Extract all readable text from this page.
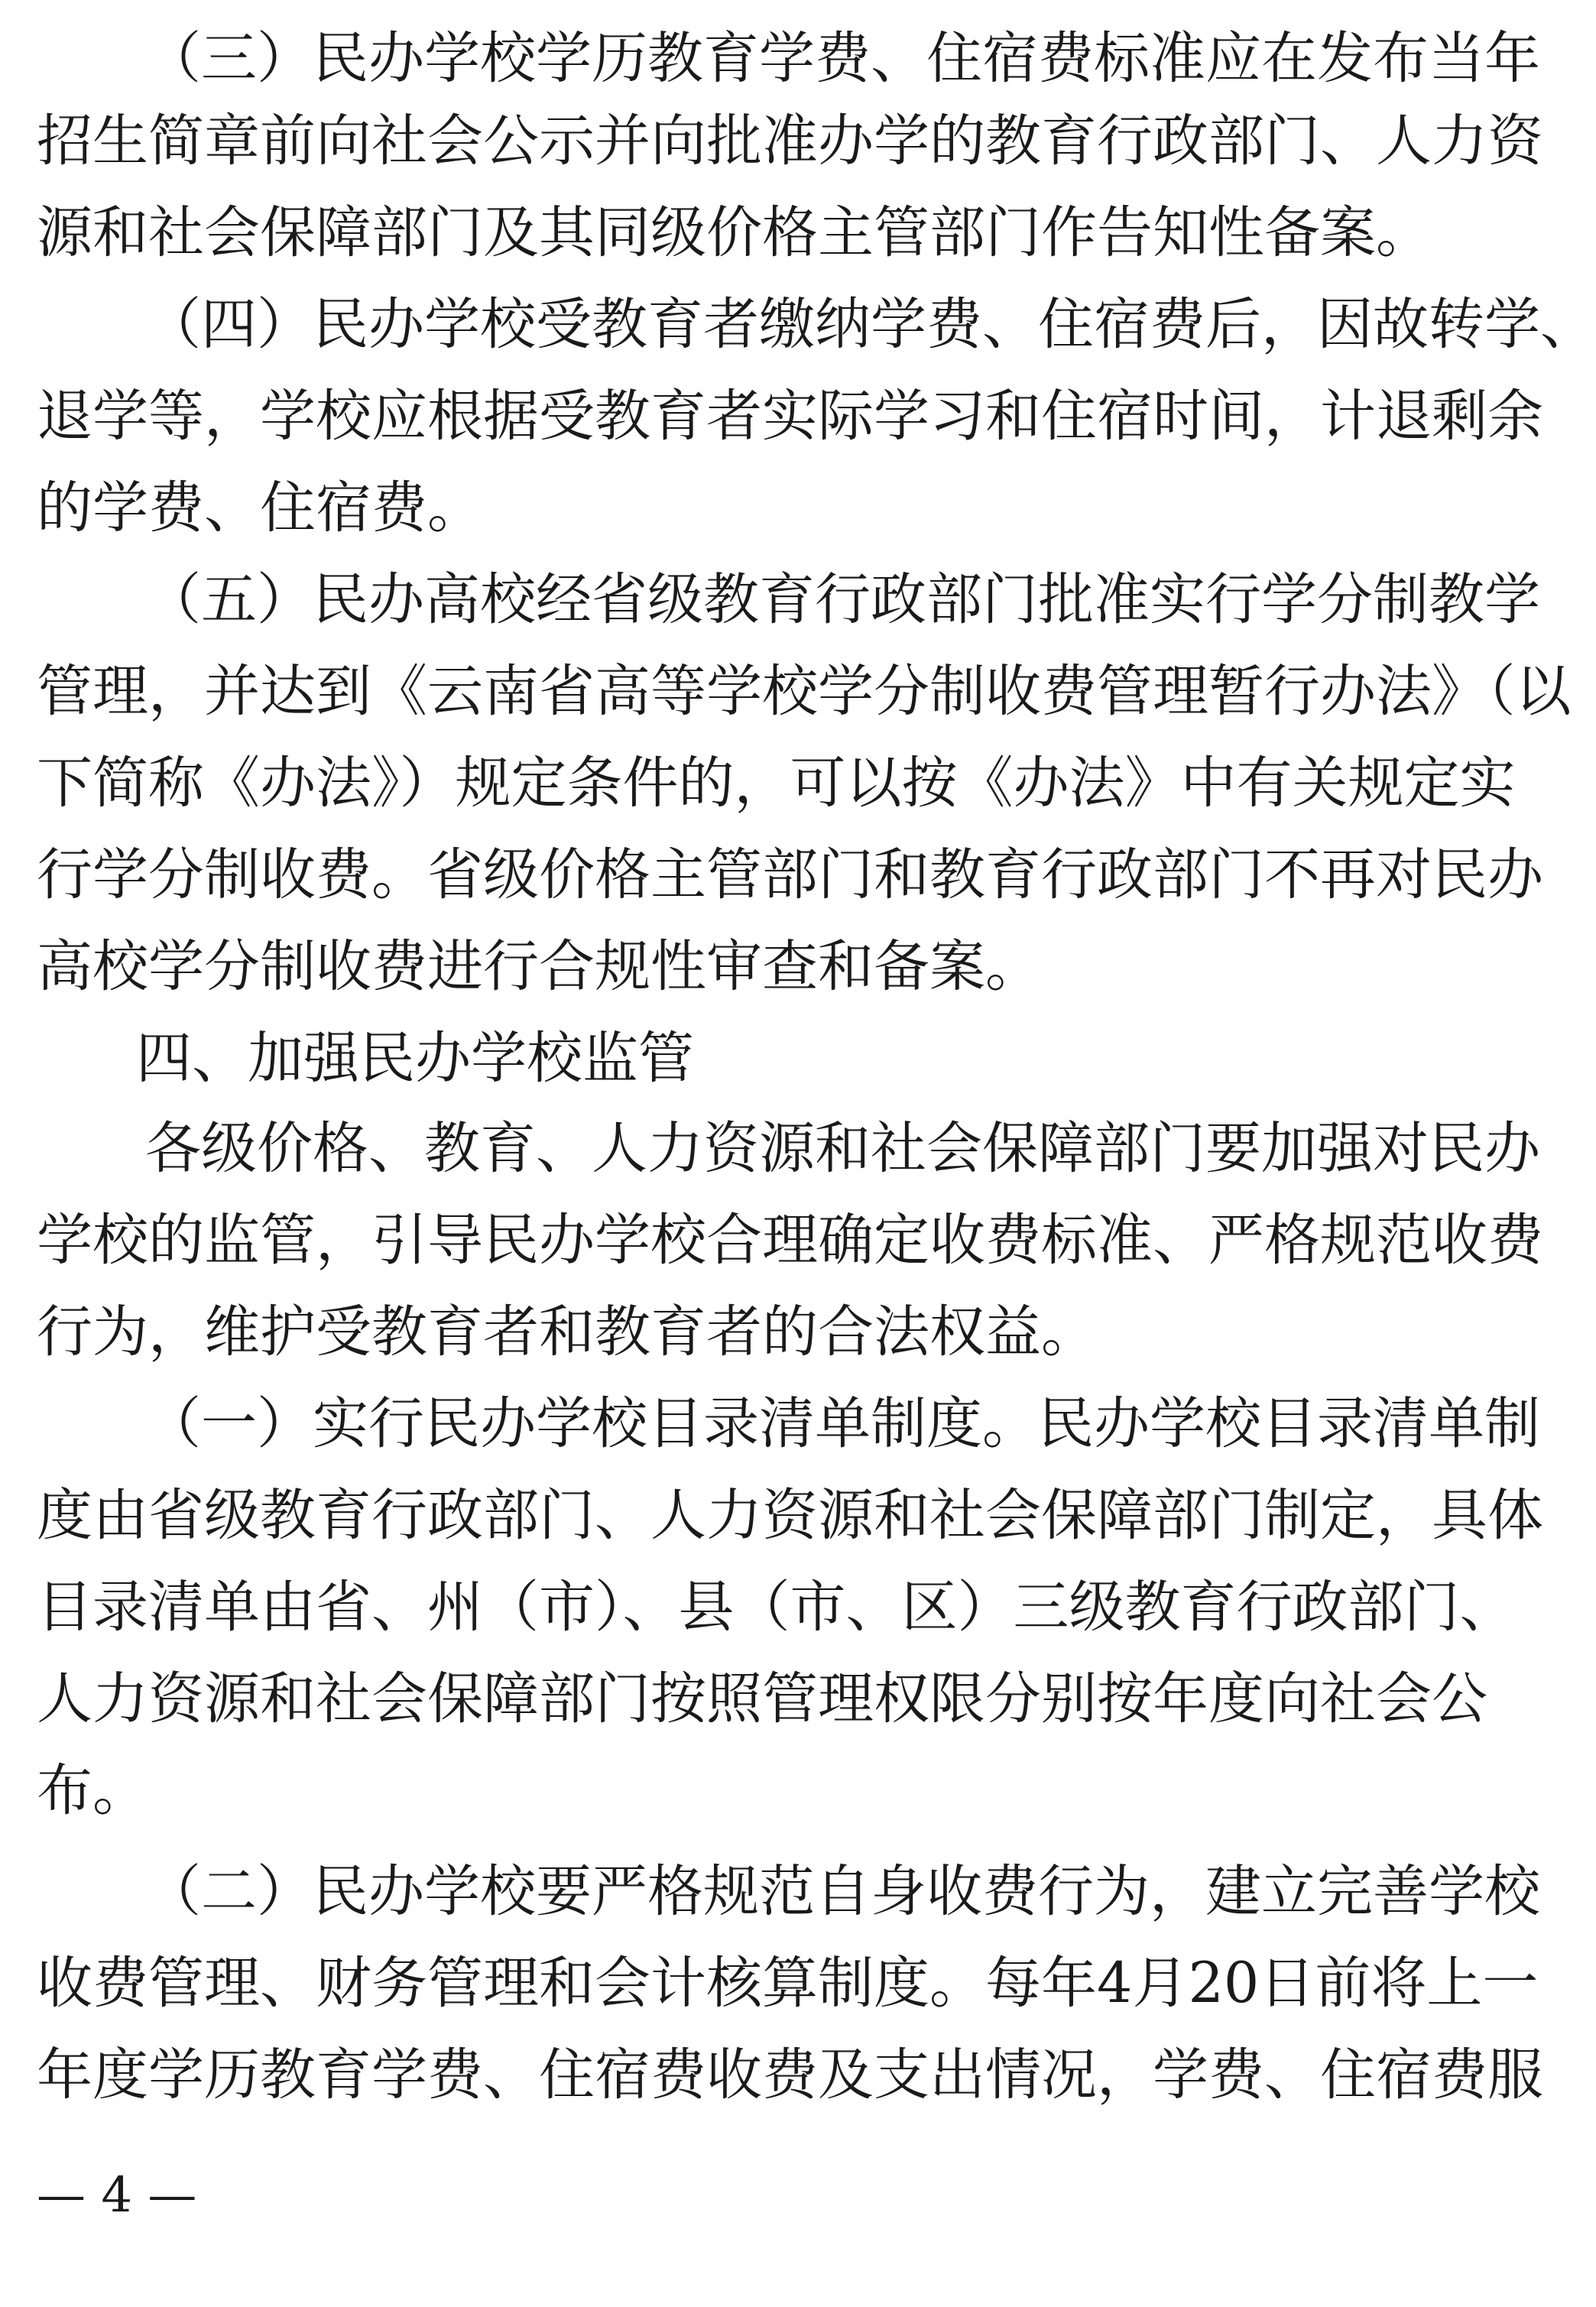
（三）民办学校学历教育学费、住宿费标准应在发布当年
招生简章前向社会公示并向批准办学的教育行政部门、人力资
源和社会保障部门及其同级价格主管部门作告知性备案。
（四）民办学校受教育者缴纳学费、住宿费后，因故转学、
退学等，学校应根据受教育者实际学习和住宿时间，计退剩余
的学费、住宿费。
（五）民办高校经省级教育行政部门批准实行学分制教学
管理，并达到《云南省高等学校学分制收费管理暂行办法》（以
下简称《办法》）规定条件的，可以按《办法》中有关规定实
行学分制收费。省级价格主管部门和教育行政部门不再对民办
高校学分制收费进行合规性审查和备案。
四、加强民办学校监管
各级价格、教育、人力资源和社会保障部门要加强对民办
学校的监管，引导民办学校合理确定收费标准、严格规范收费
行为，维护受教育者和教育者的合法权益。
（一）实行民办学校目录清单制度。民办学校目录清单制
度由省级教育行政部门、人力资源和社会保障部门制定，具体
目录清单由省、州（市）、县（市、区）三级教育行政部门、
人力资源和社会保障部门按照管理权限分别按年度向社会公
布。
（二）民办学校要严格规范自身收费行为，建立完善学校
收费管理、财务管理和会计核算制度。每年4月20日前将上一
年度学历教育学费、住宿费收费及支出情况，学费、住宿费服
— 4 —
